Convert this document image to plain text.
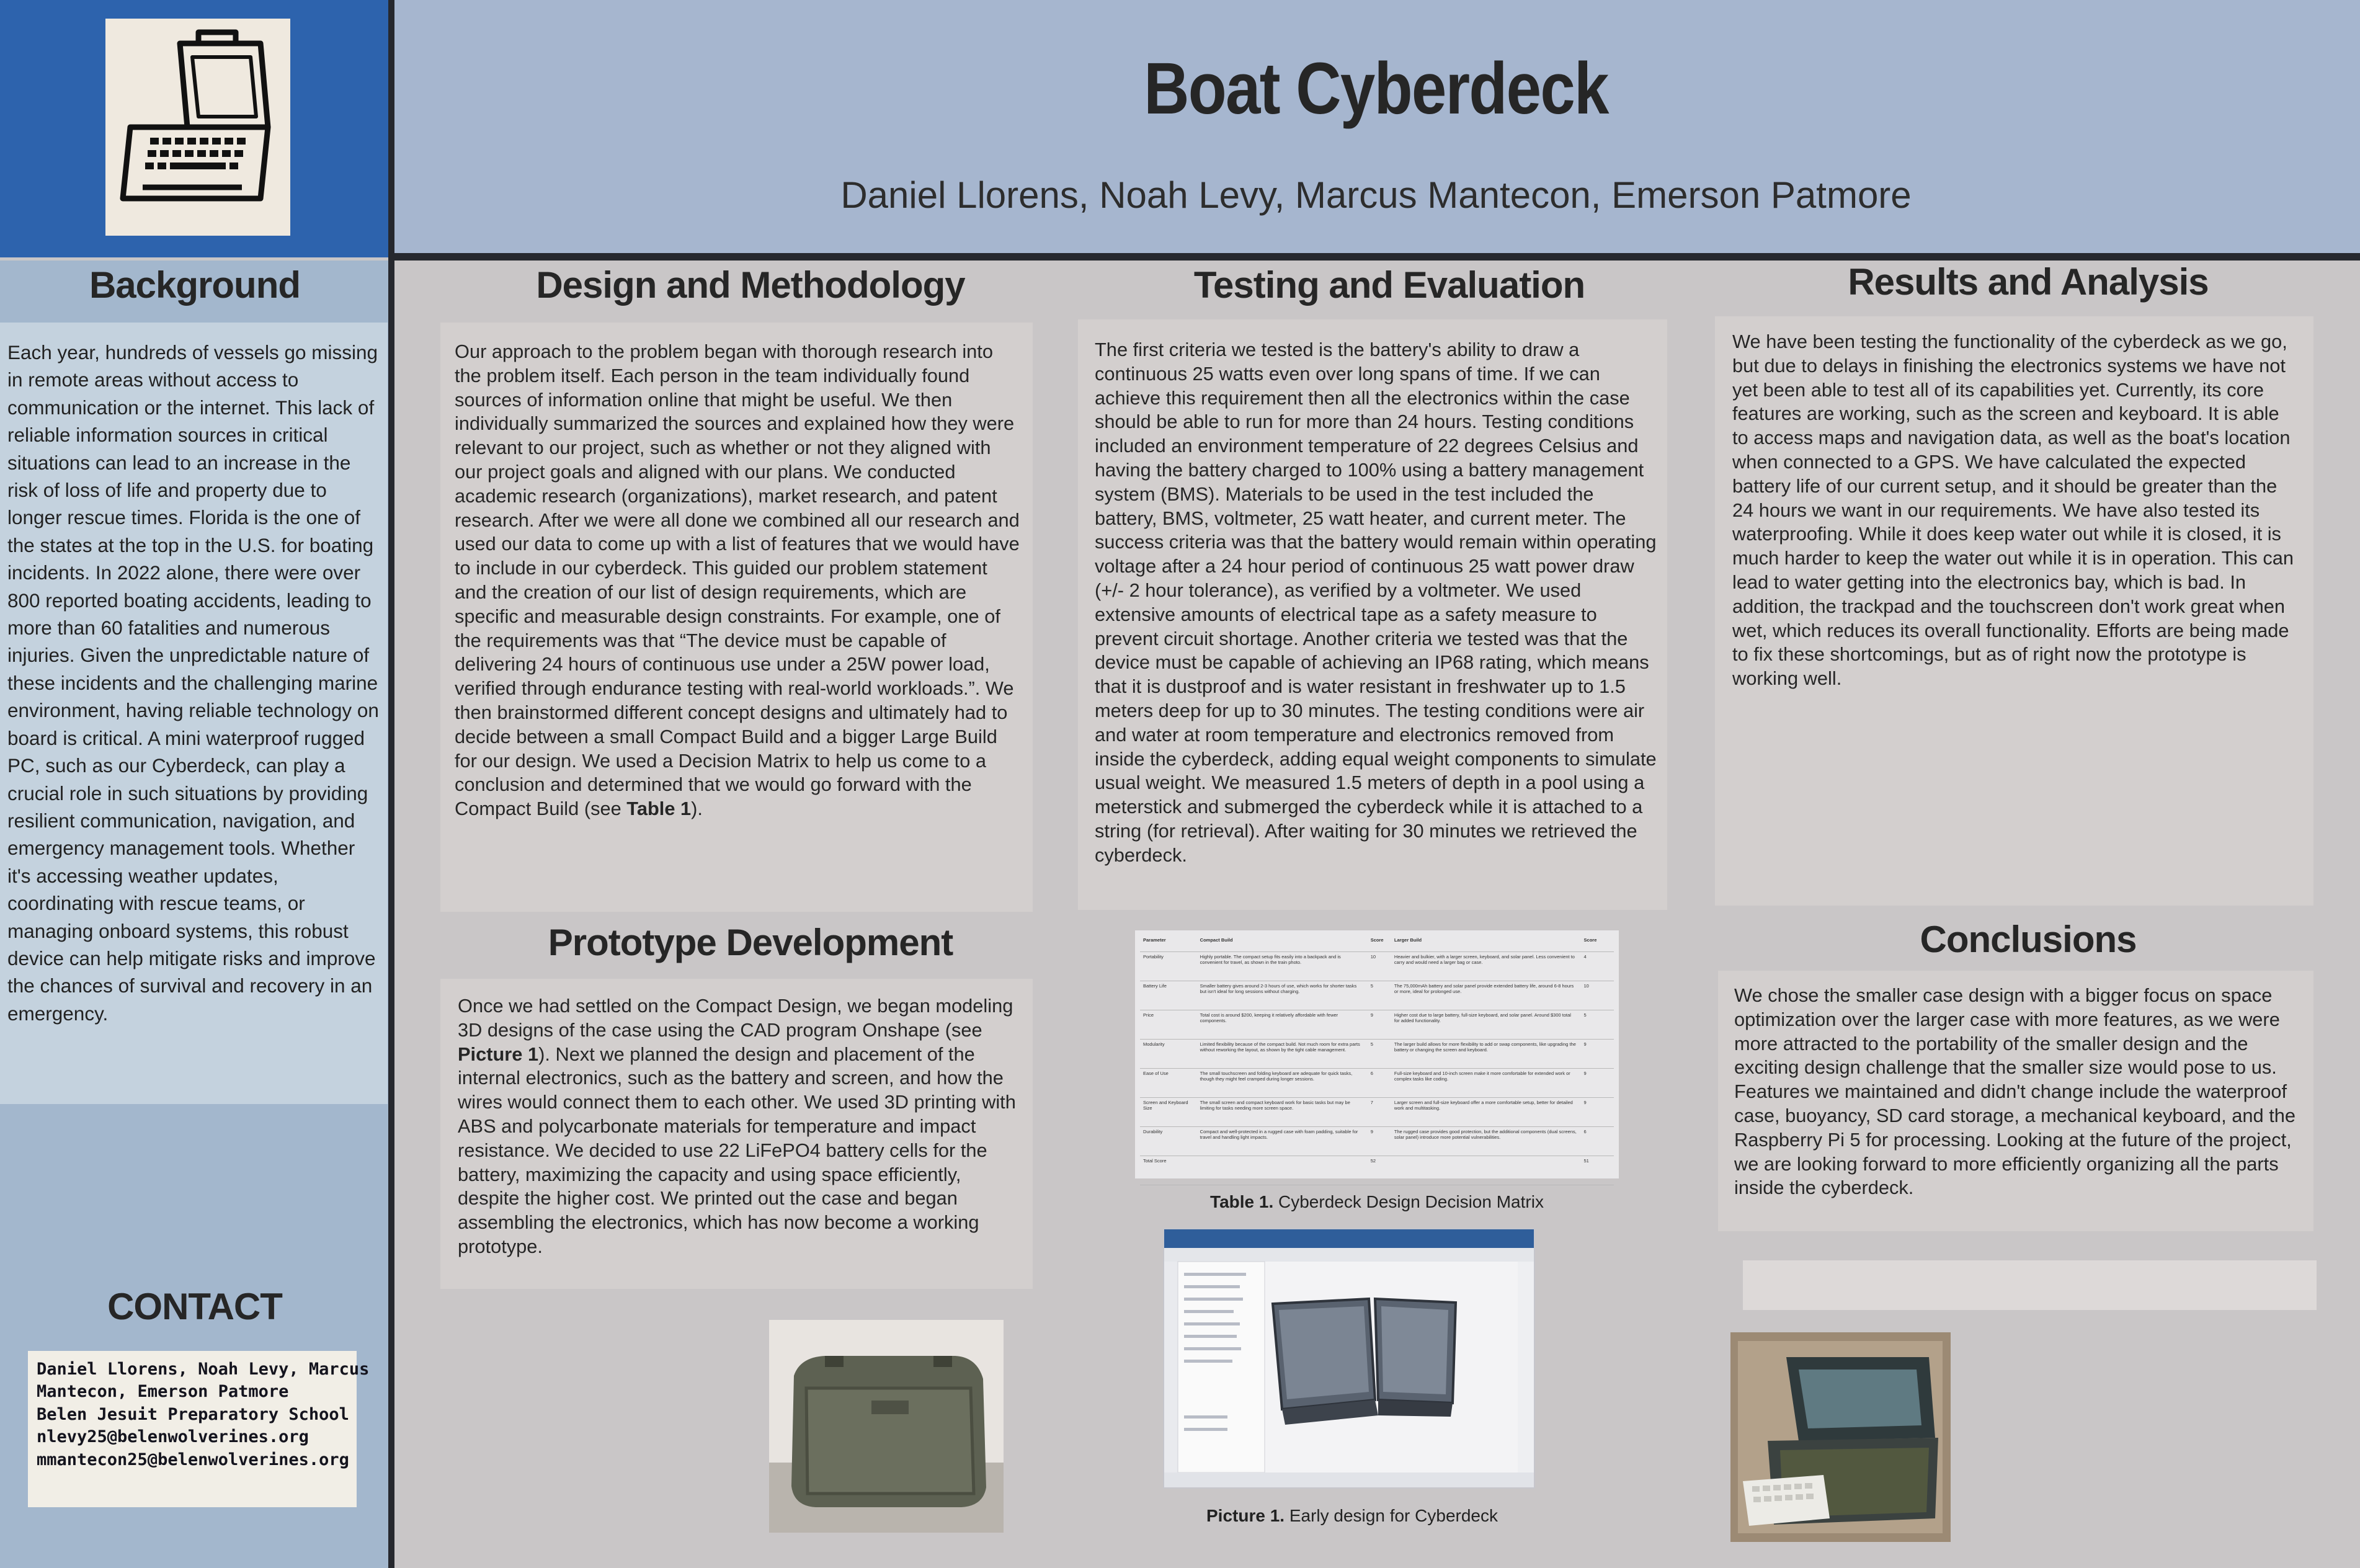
Boat Cyberdeck
Daniel Llorens, Noah Levy, Marcus Mantecon, Emerson Patmore
Background
Each year, hundreds of vessels go missing in remote areas without access to communication or the internet. This lack of reliable information sources in critical situations can lead to an increase in the risk of loss of life and property due to longer rescue times. Florida is the one of the states at the top in the U.S. for boating incidents. In 2022 alone, there were over 800 reported boating accidents, leading to more than 60 fatalities and numerous injuries. Given the unpredictable nature of these incidents and the challenging marine environment, having reliable technology on board is critical. A mini waterproof rugged PC, such as our Cyberdeck, can play a crucial role in such situations by providing resilient communication, navigation, and emergency management tools. Whether it's accessing weather updates, coordinating with rescue teams, or managing onboard systems, this robust device can help mitigate risks and improve the chances of survival and recovery in an emergency.
CONTACT
Daniel Llorens, Noah Levy, Marcus
Mantecon, Emerson Patmore
Belen Jesuit Preparatory School
nlevy25@belenwolverines.org
mmantecon25@belenwolverines.org
Design and Methodology
Our approach to the problem began with thorough research into the problem itself. Each person in the team individually found sources of information online that might be useful. We then individually summarized the sources and explained how they were relevant to our project, such as whether or not they aligned with our project goals and aligned with our plans. We conducted academic research (organizations), market research, and patent research. After we were all done we combined all our research and used our data to come up with a list of features that we would have to include in our cyberdeck. This guided our problem statement and the creation of our list of design requirements, which are specific and measurable design constraints. For example, one of the requirements was that “The device must be capable of delivering 24 hours of continuous use under a 25W power load, verified through endurance testing with real-world workloads.”. We then brainstormed different concept designs and ultimately had to decide between a small Compact Build and a bigger Large Build for our design. We used a Decision Matrix to help us come to a conclusion and determined that we would go forward with the Compact Build (see Table 1).
Prototype Development
Once we had settled on the Compact Design, we began modeling 3D designs of the case using the CAD program Onshape (see Picture 1). Next we planned the design and placement of the internal electronics, such as the battery and screen, and how the wires would connect them to each other. We used 3D printing with ABS and polycarbonate materials for temperature and impact resistance. We decided to use 22 LiFePO4 battery cells for the battery, maximizing the capacity and using space efficiently, despite the higher cost. We printed out the case and began assembling the electronics, which has now become a working prototype.
Testing and Evaluation
The first criteria we tested is the battery's ability to draw a continuous 25 watts even over long spans of time. If we can achieve this requirement then all the electronics within the case should be able to run for more than 24 hours. Testing conditions included an environment temperature of 22 degrees Celsius and having the battery charged to 100% using a battery management system (BMS). Materials to be used in the test included the battery, BMS, voltmeter, 25 watt heater, and current meter. The success criteria was that the battery would remain within operating voltage after a 24 hour period of continuous 25 watt power draw (+/- 2 hour tolerance), as verified by a voltmeter. We used extensive amounts of electrical tape as a safety measure to prevent circuit shortage. Another criteria we tested was that the device must be capable of achieving an IP68 rating, which means that it is dustproof and is water resistant in freshwater up to 1.5 meters deep for up to 30 minutes. The testing conditions were air and water at room temperature and electronics removed from inside the cyberdeck, adding equal weight components to simulate usual weight. We measured 1.5 meters of depth in a pool using a meterstick and submerged the cyberdeck while it is attached to a string (for retrieval). After waiting for 30 minutes we retrieved the cyberdeck.
Parameter	Compact Build	Score	Larger Build	Score
Portability	Highly portable. The compact setup fits easily into a backpack and is convenient for travel, as shown in the train photo.	10	Heavier and bulkier, with a larger screen, keyboard, and solar panel. Less convenient to carry and would need a larger bag or case.	4
Battery Life	Smaller battery gives around 2-3 hours of use, which works for shorter tasks but isn't ideal for long sessions without charging.	5	The 75,000mAh battery and solar panel provide extended battery life, around 6-8 hours or more, ideal for prolonged use.	10
Price	Total cost is around $200, keeping it relatively affordable with fewer components.	9	Higher cost due to large battery, full-size keyboard, and solar panel. Around $300 total for added functionality.	5
Modularity	Limited flexibility because of the compact build. Not much room for extra parts without reworking the layout, as shown by the tight cable management.	5	The larger build allows for more flexibility to add or swap components, like upgrading the battery or changing the screen and keyboard.	9
Ease of Use	The small touchscreen and folding keyboard are adequate for quick tasks, though they might feel cramped during longer sessions.	6	Full-size keyboard and 10-inch screen make it more comfortable for extended work or complex tasks like coding.	9
Screen and Keyboard Size	The small screen and compact keyboard work for basic tasks but may be limiting for tasks needing more screen space.	7	Larger screen and full-size keyboard offer a more comfortable setup, better for detailed work and multitasking.	9
Durability	Compact and well-protected in a rugged case with foam padding, suitable for travel and handling light impacts.	9	The rugged case provides good protection, but the additional components (dual screens, solar panel) introduce more potential vulnerabilities.	6
Total Score		52		51
Table 1. Cyberdeck Design Decision Matrix
Picture 1. Early design for Cyberdeck
Results and Analysis
We have been testing the functionality of the cyberdeck as we go, but due to delays in finishing the electronics systems we have not yet been able to test all of its capabilities yet. Currently, its core features are working, such as the screen and keyboard. It is able to access maps and navigation data, as well as the boat's location when connected to a GPS. We have calculated the expected battery life of our current setup, and it should be greater than the 24 hours we want in our requirements. We have also tested its waterproofing. While it does keep water out while it is closed, it is much harder to keep the water out while it is in operation. This can lead to water getting into the electronics bay, which is bad. In addition, the trackpad and the touchscreen don't work great when wet, which reduces its overall functionality. Efforts are being made to fix these shortcomings, but as of right now the prototype is working well.
Conclusions
We chose the smaller case design with a bigger focus on space optimization over the larger case with more features, as we were more attracted to the portability of the smaller design and the exciting design challenge that the smaller size would pose to us. Features we maintained and didn't change include the waterproof case, buoyancy, SD card storage, a mechanical keyboard, and the Raspberry Pi 5 for processing. Looking at the future of the project, we are looking forward to more efficiently organizing all the parts inside the cyberdeck.
